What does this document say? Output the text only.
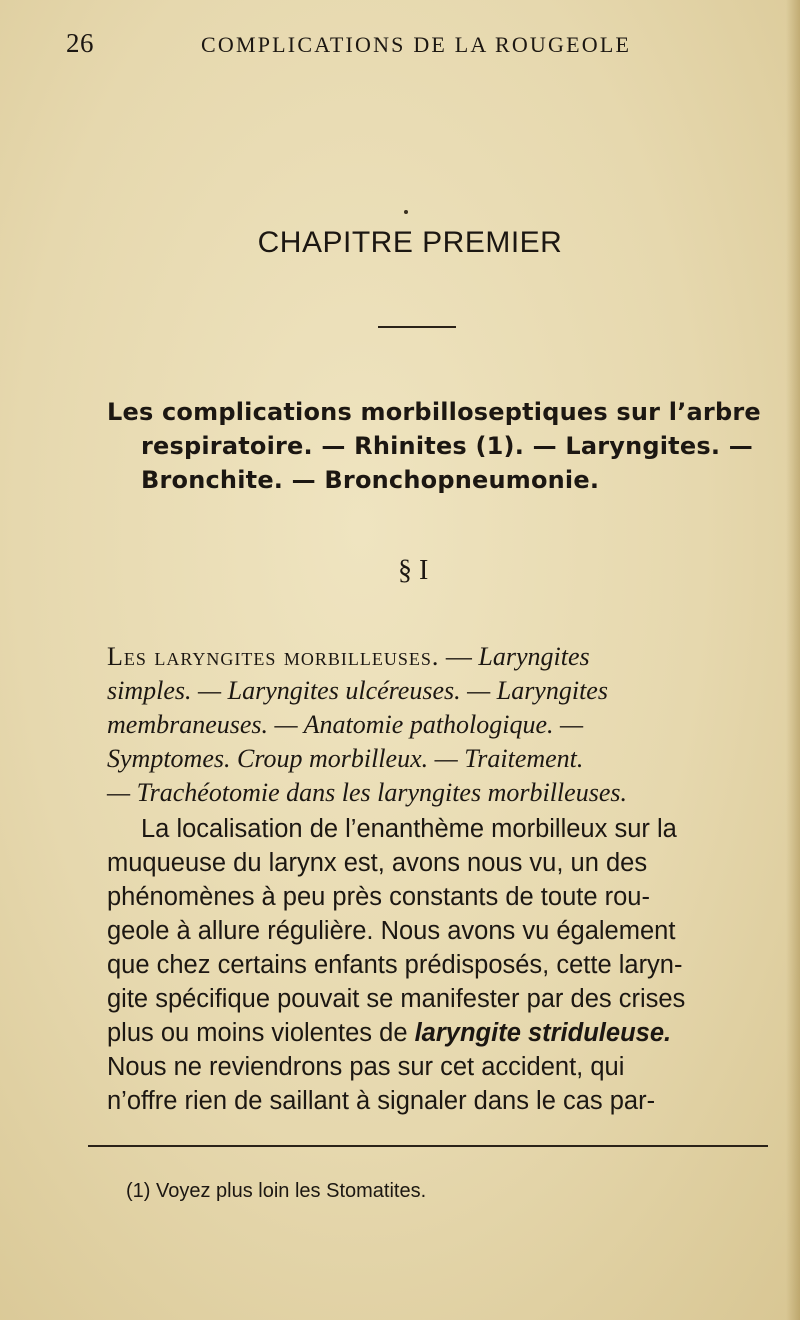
26	COMPLICATIONS DE LA ROUGEOLE
CHAPITRE PREMIER
Les complications morbilloseptiques sur l’arbre
respiratoire. — Rhinites (1). — Laryngites. —
Bronchite. — Bronchopneumonie.
§ I
Les laryngites morbilleuses. — Laryngites
simples. — Laryngites ulcéreuses. — Laryngites
membraneuses. — Anatomie pathologique. —
Symptomes. Croup morbilleux. — Traitement.
— Trachéotomie dans les laryngites morbilleuses.
La localisation de l’enanthème morbilleux sur la
muqueuse du larynx est, avons nous vu, un des
phénomènes à peu près constants de toute rou-
geole à allure régulière. Nous avons vu également
que chez certains enfants prédisposés, cette laryn-
gite spécifique pouvait se manifester par des crises
plus ou moins violentes de laryngite striduleuse.
Nous ne reviendrons pas sur cet accident, qui
n’offre rien de saillant à signaler dans le cas par-
(1) Voyez plus loin les Stomatites.
